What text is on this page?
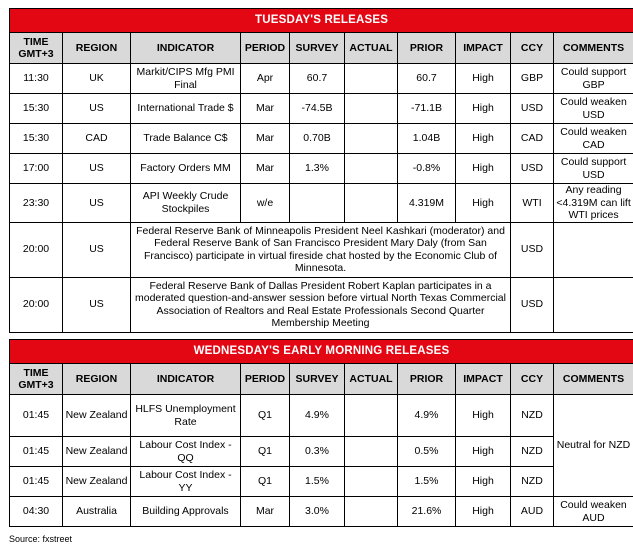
TUESDAY'S RELEASES									
TIME GMT+3	REGION	INDICATOR	PERIOD	SURVEY	ACTUAL	PRIOR	IMPACT	CCY	COMMENTS
11:30	UK	Markit/CIPS Mfg PMI Final	Apr	60.7		60.7	High	GBP	Could support GBP
15:30	US	International Trade $	Mar	-74.5B		-71.1B	High	USD	Could weaken USD
15:30	CAD	Trade Balance C$	Mar	0.70B		1.04B	High	CAD	Could weaken CAD
17:00	US	Factory Orders MM	Mar	1.3%		-0.8%	High	USD	Could support USD
23:30	US	API Weekly Crude Stockpiles	w/e			4.319M	High	WTI	Any reading <4.319M can lift WTI prices
20:00	US	Federal Reserve Bank of Minneapolis President Neel Kashkari (moderator) and Federal Reserve Bank of San Francisco President Mary Daly (from San Francisco) participate in virtual fireside chat hosted by the Economic Club of Minnesota.						USD	
20:00	US	Federal Reserve Bank of Dallas President Robert Kaplan participates in a moderated question-and-answer session before virtual North Texas Commercial Association of Realtors and Real Estate Professionals Second Quarter Membership Meeting						USD	
WEDNESDAY'S EARLY MORNING RELEASES									
TIME GMT+3	REGION	INDICATOR	PERIOD	SURVEY	ACTUAL	PRIOR	IMPACT	CCY	COMMENTS
01:45	New Zealand	HLFS Unemployment Rate	Q1	4.9%		4.9%	High	NZD	Neutral for NZD
01:45	New Zealand	Labour Cost Index - QQ	Q1	0.3%		0.5%	High	NZD	
01:45	New Zealand	Labour Cost Index - YY	Q1	1.5%		1.5%	High	NZD	
04:30	Australia	Building Approvals	Mar	3.0%		21.6%	High	AUD	Could weaken AUD
Source: fxstreet
